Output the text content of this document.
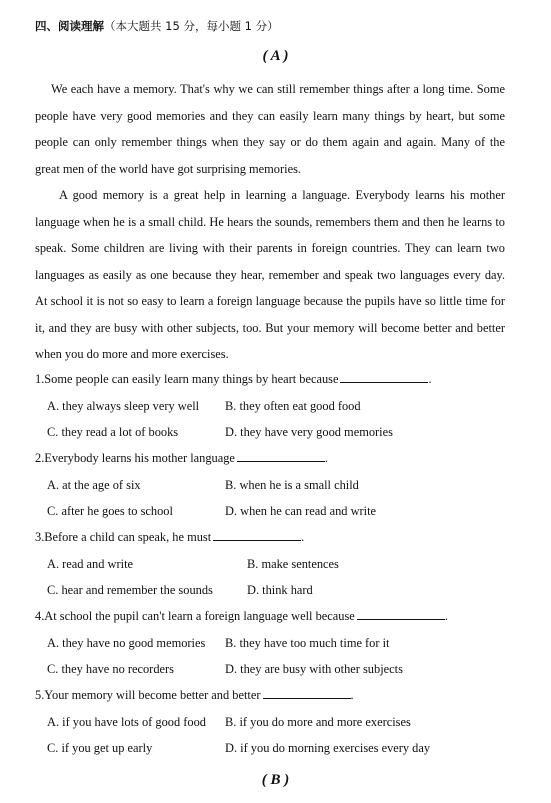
四、阅读理解（本大题共 15 分，每小题 1 分）
( A )

We each have a memory. That's why we can still remember things after a long time. Some people have very good memories and they can easily learn many things by heart, but some people can only remember things when they say or do them again and again. Many of the great men of the world have got surprising memories.

A good memory is a great help in learning a language. Everybody learns his mother language when he is a small child. He hears the sounds, remembers them and then he learns to speak. Some children are living with their parents in foreign countries. They can learn two languages as easily as one because they hear, remember and speak two languages every day. At school it is not so easy to learn a foreign language because the pupils have so little time for it, and they are busy with other subjects, too. But your memory will become better and better when you do more and more exercises.

1.Some people can easily learn many things by heart because	.
A. they always sleep very well B. they often eat good food
C. they read a lot of books	D. they have very good memories
2.Everybody learns his mother language	.
A. at the age of six	B. when he is a small child
C. after he goes to school	D. when he can read and write
3.Before a child can speak, he must	.
A. read and write	B. make sentences
C. hear and remember the sounds	D. think hard
4.At school the pupil can't learn a foreign language well because	.
A. they have no good memories B. they have too much time for it
C. they have no recorders	D. they are busy with other subjects
5.Your memory will become better and better	.
A. if you have lots of good food B. if you do more and more exercises
C. if you get up early	D. if you do morning exercises every day
( B )
